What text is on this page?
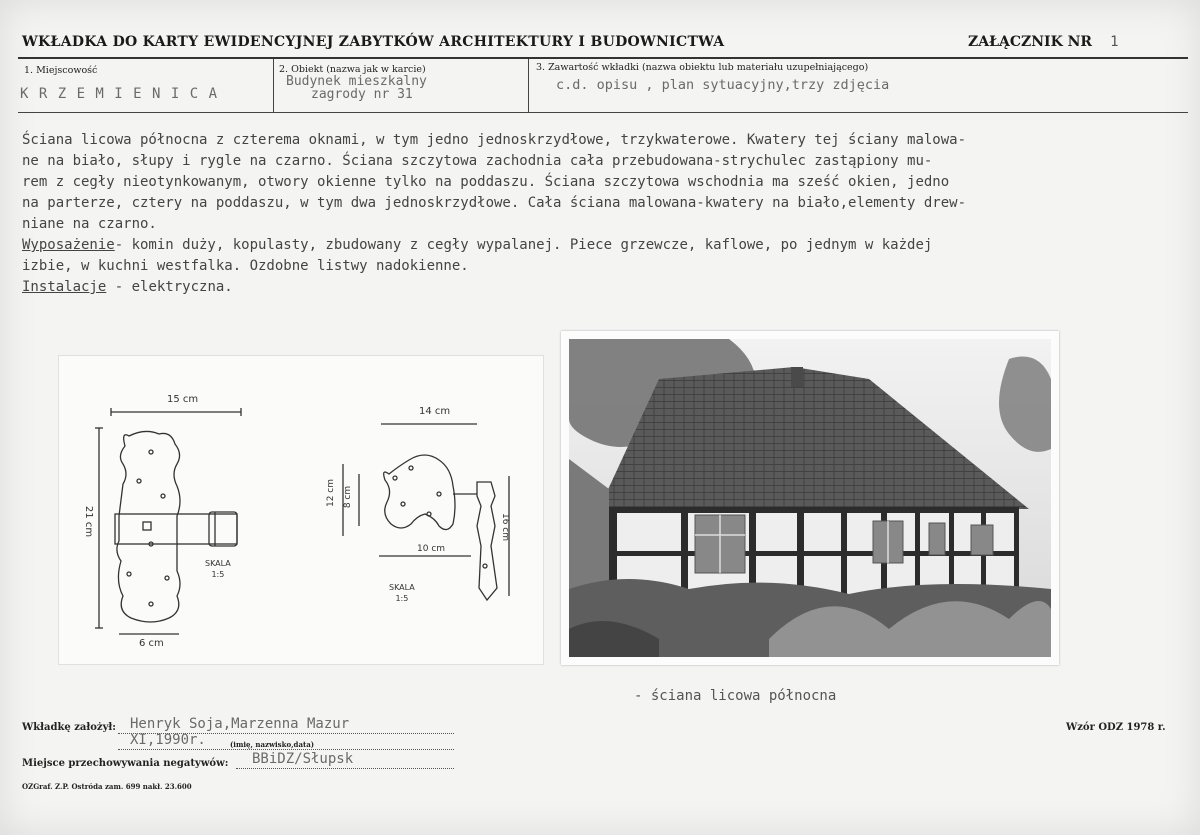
WKŁADKA DO KARTY EWIDENCYJNEJ ZABYTKÓW ARCHITEKTURY I BUDOWNICTWA	ZAŁĄCZNIK NR 1
1. Miejscowość
K R Z E M I E N I C A
2. Obiekt (nazwa jak w karcie)
Budynek mieszkalny
zagrody nr 31
3. Zawartość wkładki (nazwa obiektu lub materiału uzupełniającego)
c.d. opisu , plan sytuacyjny,trzy zdjęcia

Ściana licowa północna z czterema oknami, w tym jedno jednoskrzydłowe, trzykwaterowe. Kwatery tej ściany malowa-

ne na biało, słupy i rygle na czarno. Ściana szczytowa zachodnia cała przebudowana-strychulec zastąpiony mu-

rem z cegły nieotynkowanym, otwory okienne tylko na poddaszu. Ściana szczytowa wschodnia ma sześć okien, jedno

na parterze, cztery na poddaszu, w tym dwa jednoskrzydłowe. Cała ściana malowana-kwatery na biało,elementy drew-

niane na czarno.

Wyposażenie- komin duży, kopulasty, zbudowany z cegły wypalanej. Piece grzewcze, kaflowe, po jednym w każdej

izbie, w kuchni westfalka. Ozdobne listwy nadokienne.

Instalacje - elektryczna.

15 cm
21 cm
6 cm
SKALA
1:5
14 cm
12 cm 8 cm
10 cm
16 cm
SKALA
1:5
- ściana licowa północna
Wkładkę założył: Henryk Soja,Marzenna Mazur
XI,1990r.	(imię, nazwisko,data)
Miejsce przechowywania negatywów: BBiDZ/Słupsk
Wzór ODZ 1978 r.
OZGraf. Z.P. Ostróda zam. 699 nakł. 23.600
